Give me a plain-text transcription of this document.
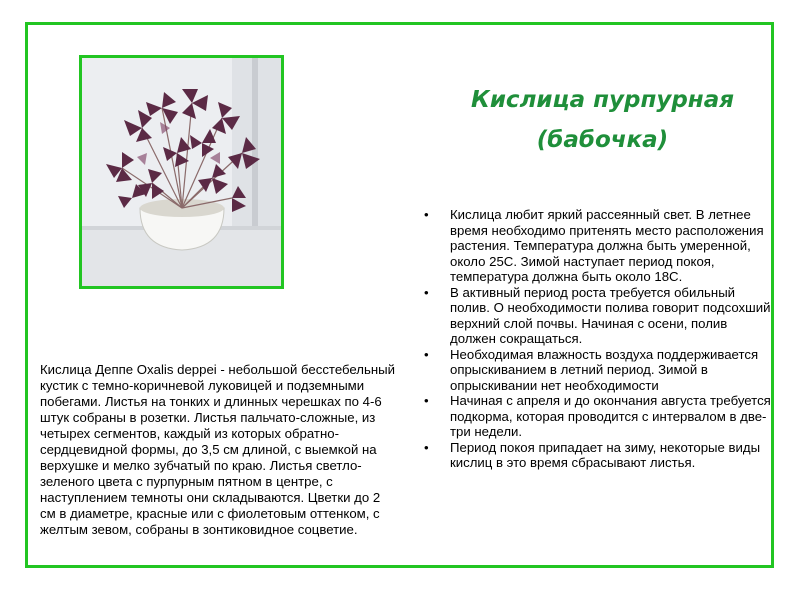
Кислица пурпурная
(бабочка)

Кислица Деппе Oxalis deppei - небольшой бесстебельный кустик с темно-коричневой луковицей и подземными побегами. Листья на тонких и длинных черешках по 4-6 штук собраны в розетки. Листья пальчато-сложные, из четырех сегментов, каждый из которых обратно-сердцевидной формы, до 3,5 см длиной, с выемкой на верхушке и мелко зубчатый по краю. Листья светло-зеленого цвета с пурпурным пятном в центре, с наступлением темноты они складываются. Цветки до 2 см в диаметре, красные или с фиолетовым оттенком, с желтым зевом, собраны в зонтиковидное соцветие.

• Кислица любит яркий рассеянный свет. В летнее время необходимо притенять место расположения растения. Температура должна быть умеренной, около 25С. Зимой наступает период покоя, температура должна быть около 18С.
• В активный период роста требуется обильный полив. О необходимости полива говорит подсохший верхний слой почвы. Начиная с осени, полив должен сокращаться.
• Необходимая влажность воздуха поддерживается опрыскиванием в летний период. Зимой в опрыскивании нет необходимости
• Начиная с апреля и до окончания августа требуется подкорма, которая проводится с интервалом в две-три недели.
• Период покоя припадает на зиму, некоторые виды кислиц в это время сбрасывают листья.
